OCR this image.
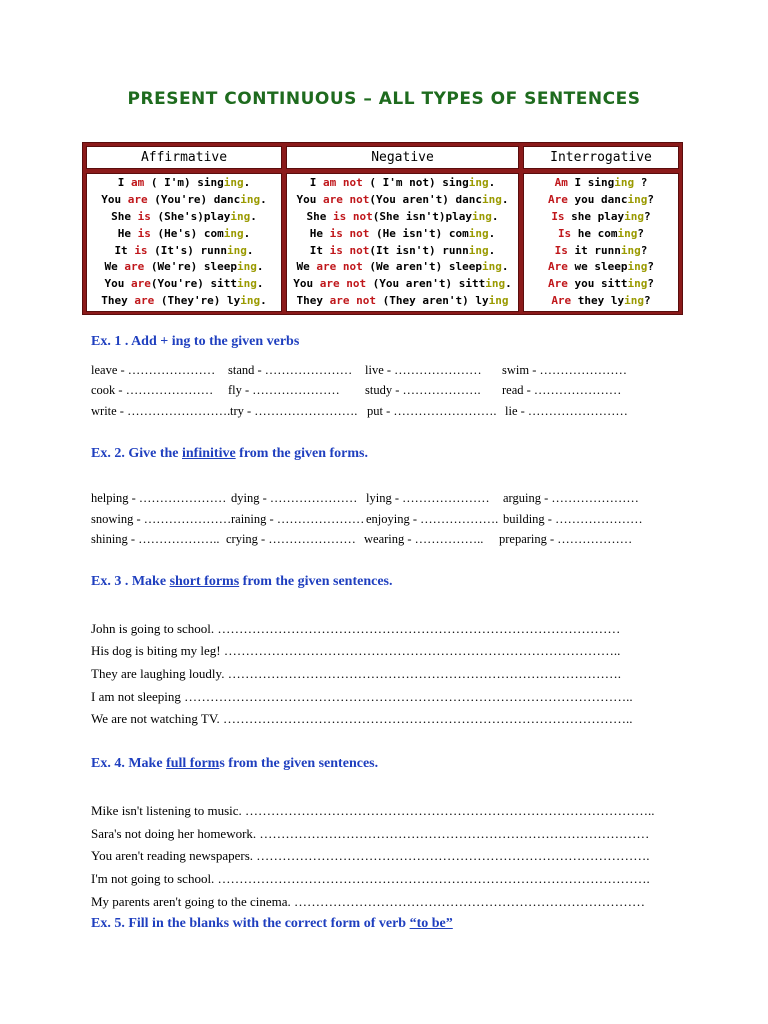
PRESENT CONTINUOUS – ALL TYPES OF SENTENCES
Affirmative	Negative	Interrogative
I am ( I'm) singing.
You are (You're) dancing.
She is (She's)playing.
He is (He's) coming.
It is (It's) running.
We are (We're) sleeping.
You are(You're) sitting.
They are (They're) lying.
I am not ( I'm not) singing.
You are not(You aren't) dancing.
She is not(She isn't)playing.
He is not (He isn't) coming.
It is not(It isn't) running.
We are not (We aren't) sleeping.
You are not (You aren't) sitting.
They are not (They aren't) lying
Am I singing ?
Are you dancing?
Is she playing?
Is he coming?
Is it running?
Are we sleeping?
Are you sitting?
Are they lying?
Ex. 1 . Add + ing to the given verbs
leave - ………………… stand - ………………… live - ………………… swim - …………………
cook - ………………… fly - ………………… study - ………………. read - …………………
write - ……………………. try - ……………………. put - ……………………. lie - ……………………
Ex. 2. Give the infinitive from the given forms.
helping - ………………… dying - ………………… lying - ………………… arguing - …………………
snowing - ………………… raining - ………………… enjoying - ………………. building - …………………
shining - ……………….. crying - ………………… wearing - …………….. preparing - ………………
Ex. 3 . Make short forms from the given sentences.
John is going to school. …………………………………………………………………………………
His dog is biting my leg! ………………………………………………………………………………..
They are laughing loudly. ……………………………………………………………………………….
I am not sleeping …………………………………………………………………………………………..
We are not watching TV. …………………………………………………………………………………..
Ex. 4. Make full forms from the given sentences.
Mike isn't listening to music. …………………………………………………………………………………..
Sara's not doing her homework. ………………………………………………………………………………
You aren't reading newspapers. ……………………………………………………………………………….
I'm not going to school. ……………………………………………………………………………………….
My parents aren't going to the cinema. ………………………………………………………………………
Ex. 5. Fill in the blanks with the correct form of verb “to be”
